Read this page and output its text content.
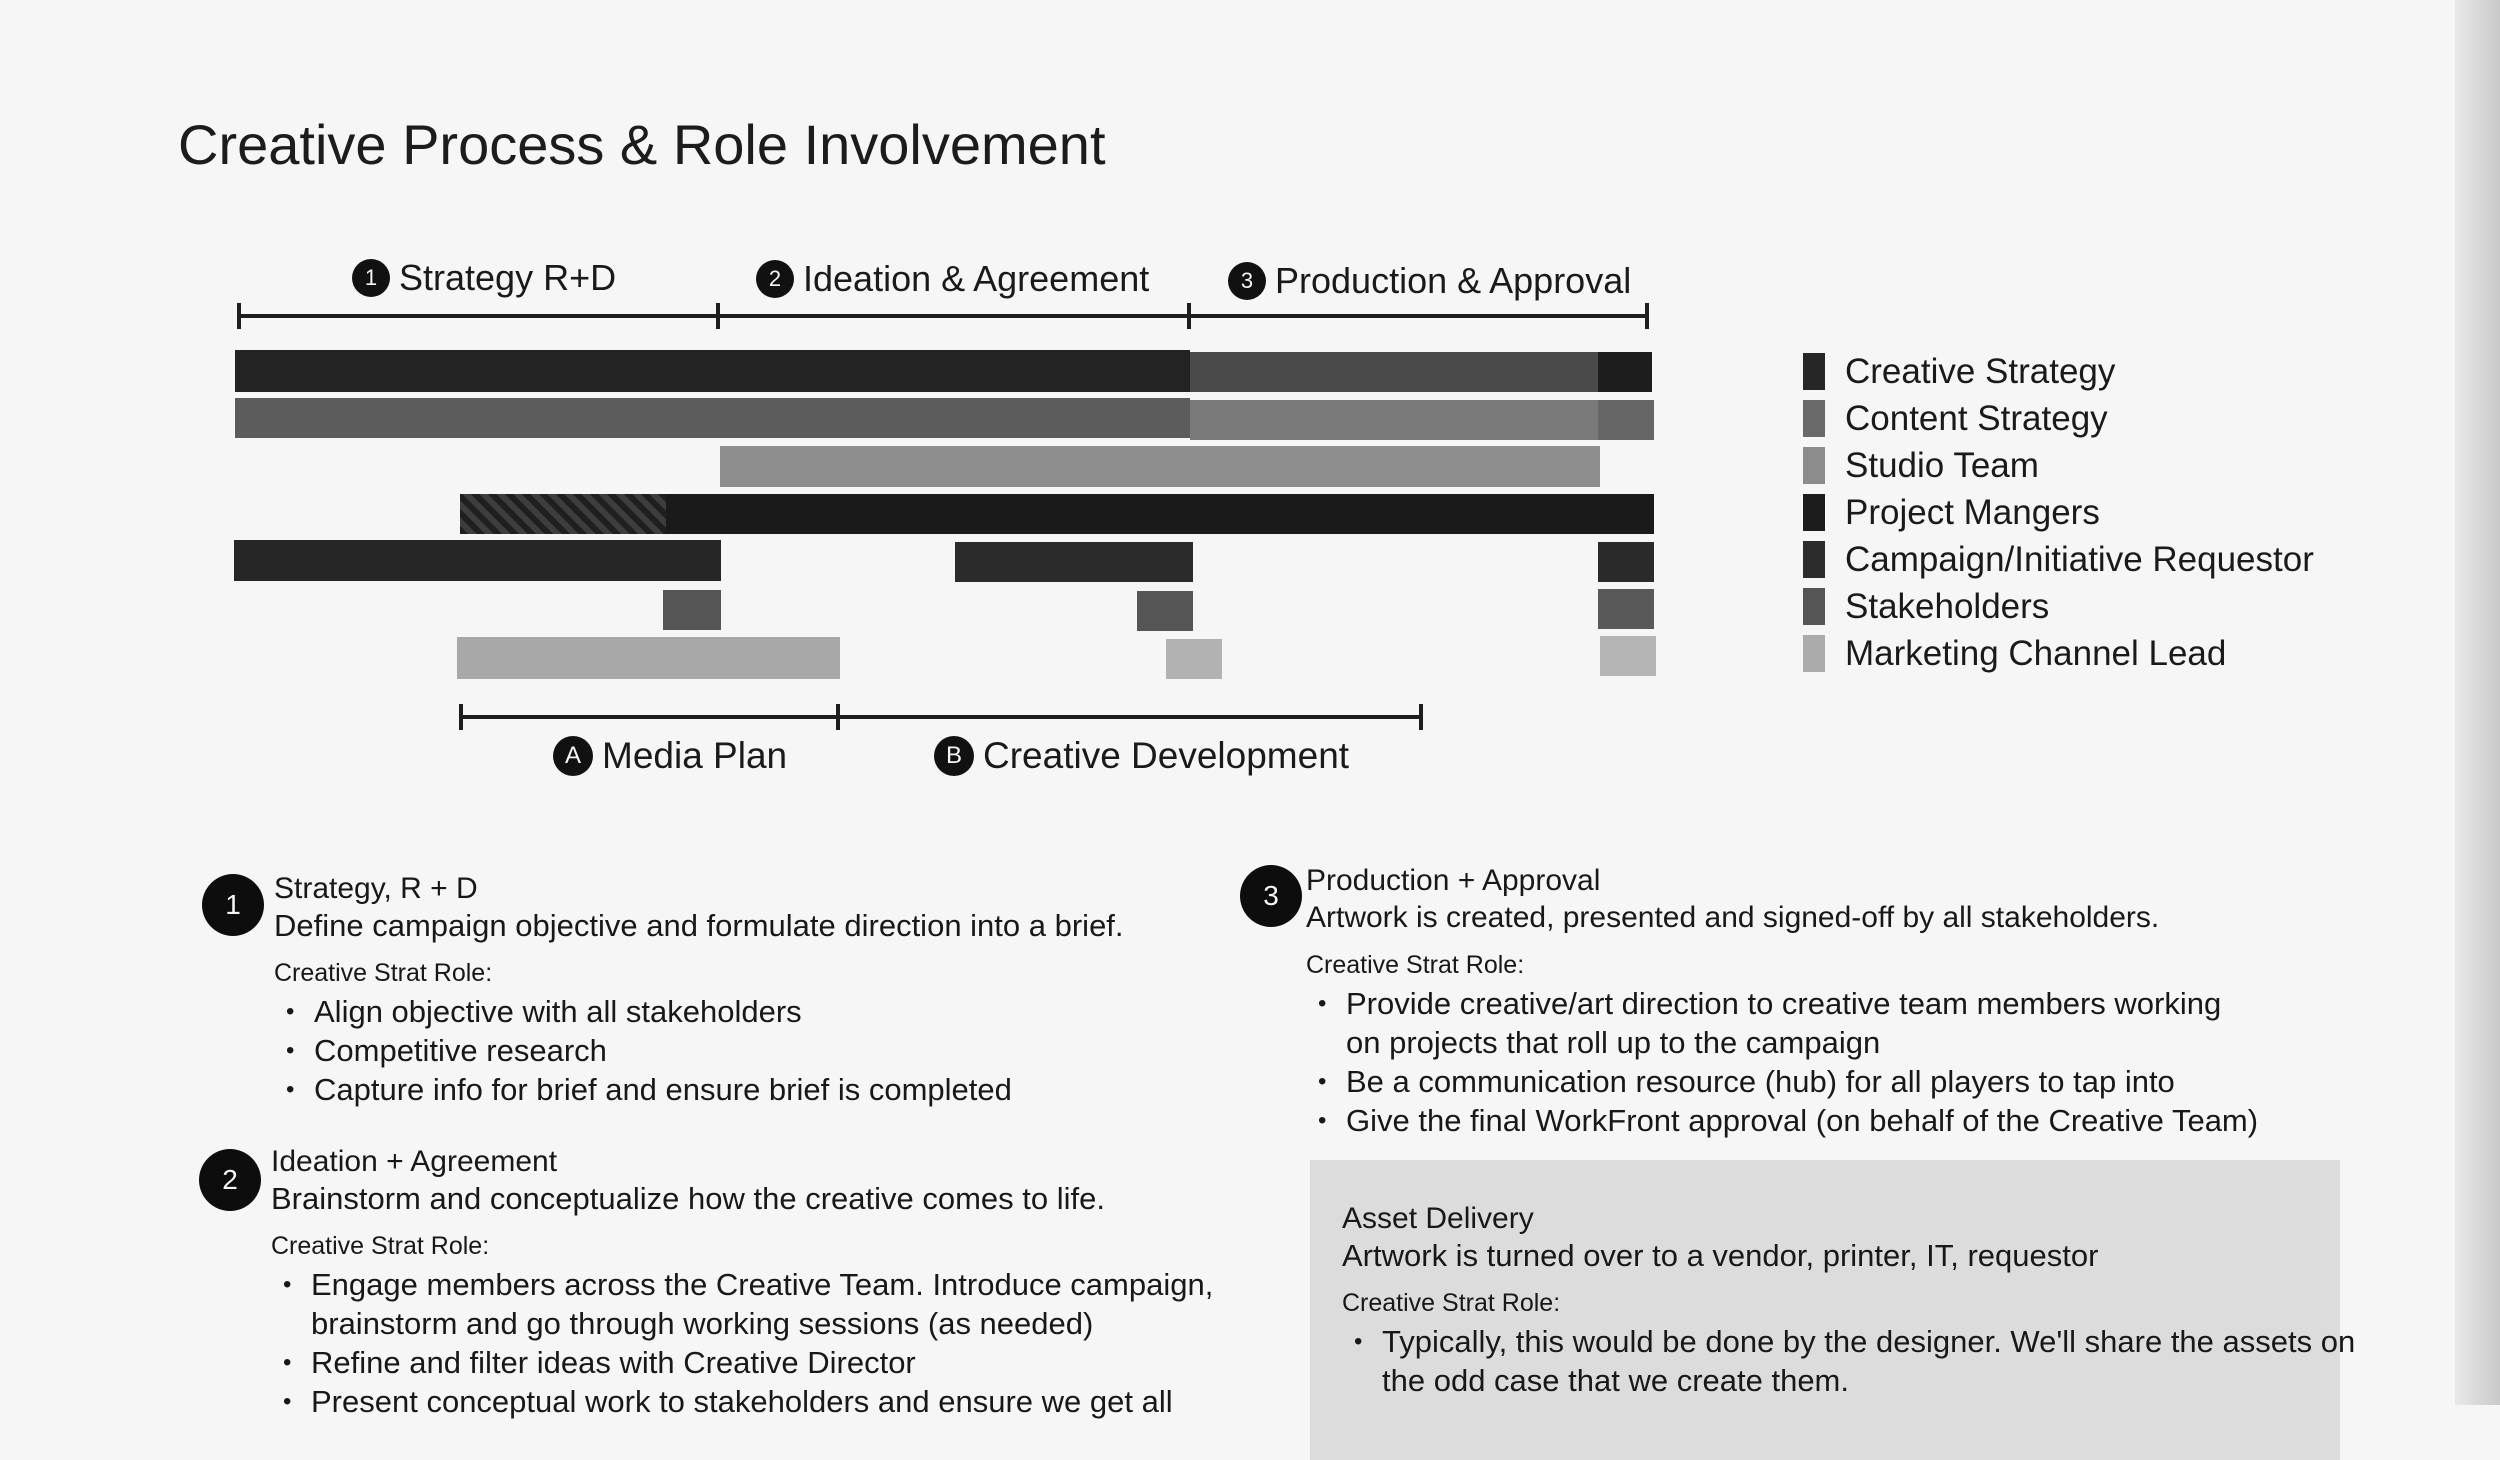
Creative Process & Role Involvement
1 Strategy R+D	2 Ideation & Agreement	3 Production & Approval
A Media Plan	B Creative Development
Creative Strategy
Content Strategy
Studio Team
Project Mangers
Campaign/Initiative Requestor
Stakeholders
Marketing Channel Lead
1	Strategy, R + D
Define campaign objective and formulate direction into a brief.
Creative Strat Role:
• Align objective with all stakeholders
• Competitive research
• Capture info for brief and ensure brief is completed
2
Ideation + Agreement
Brainstorm and conceptualize how the creative comes to life.
Creative Strat Role:
• Engage members across the Creative Team. Introduce campaign,
brainstorm and go through working sessions (as needed)
• Refine and filter ideas with Creative Director
• Present conceptual work to stakeholders and ensure we get all
3 Production + Approval
Artwork is created, presented and signed-off by all stakeholders.
Creative Strat Role:
• Provide creative/art direction to creative team members working
on projects that roll up to the campaign
• Be a communication resource (hub) for all players to tap into
• Give the final WorkFront approval (on behalf of the Creative Team)
Asset Delivery
Artwork is turned over to a vendor, printer, IT, requestor
Creative Strat Role:
• Typically, this would be done by the designer. We'll share the assets on
the odd case that we create them.
